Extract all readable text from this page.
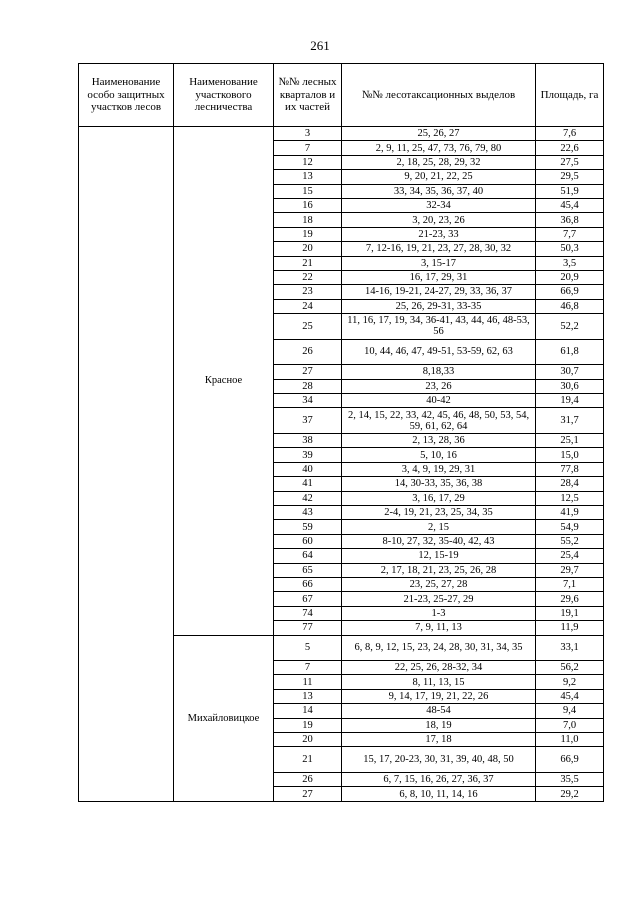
261
Наименование особо защитных участков лесов	Наименование участкового лесничества	№№ лесных кварталов и их частей	№№ лесотаксационных выделов	Площадь, га
	Красное	3	25, 26, 27	7,6
		7	2, 9, 11, 25, 47, 73, 76, 79, 80	22,6
		12	2, 18, 25, 28, 29, 32	27,5
		13	9, 20, 21, 22, 25	29,5
		15	33, 34, 35, 36, 37, 40	51,9
		16	32-34	45,4
		18	3, 20, 23, 26	36,8
		19	21-23, 33	7,7
		20	7, 12-16, 19, 21, 23, 27, 28, 30, 32	50,3
		21	3, 15-17	3,5
		22	16, 17, 29, 31	20,9
		23	14-16, 19-21, 24-27, 29, 33, 36, 37	66,9
		24	25, 26, 29-31, 33-35	46,8
		25	11, 16, 17, 19, 34, 36-41, 43, 44, 46, 48-53, 56	52,2
		26	10, 44, 46, 47, 49-51, 53-59, 62, 63	61,8
		27	8,18,33	30,7
		28	23, 26	30,6
		34	40-42	19,4
		37	2, 14, 15, 22, 33, 42, 45, 46, 48, 50, 53, 54, 59, 61, 62, 64	31,7
		38	2, 13, 28, 36	25,1
		39	5, 10, 16	15,0
		40	3, 4, 9, 19, 29, 31	77,8
		41	14, 30-33, 35, 36, 38	28,4
		42	3, 16, 17, 29	12,5
		43	2-4, 19, 21, 23, 25, 34, 35	41,9
		59	2, 15	54,9
		60	8-10, 27, 32, 35-40, 42, 43	55,2
		64	12, 15-19	25,4
		65	2, 17, 18, 21, 23, 25, 26, 28	29,7
		66	23, 25, 27, 28	7,1
		67	21-23, 25-27, 29	29,6
		74	1-3	19,1
		77	7, 9, 11, 13	11,9
	Михайловицкое	5	6, 8, 9, 12, 15, 23, 24, 28, 30, 31, 34, 35	33,1
		7	22, 25, 26, 28-32, 34	56,2
		11	8, 11, 13, 15	9,2
		13	9, 14, 17, 19, 21, 22, 26	45,4
		14	48-54	9,4
		19	18, 19	7,0
		20	17, 18	11,0
		21	15, 17, 20-23, 30, 31, 39, 40, 48, 50	66,9
		26	6, 7, 15, 16, 26, 27, 36, 37	35,5
		27	6, 8, 10, 11, 14, 16	29,2
